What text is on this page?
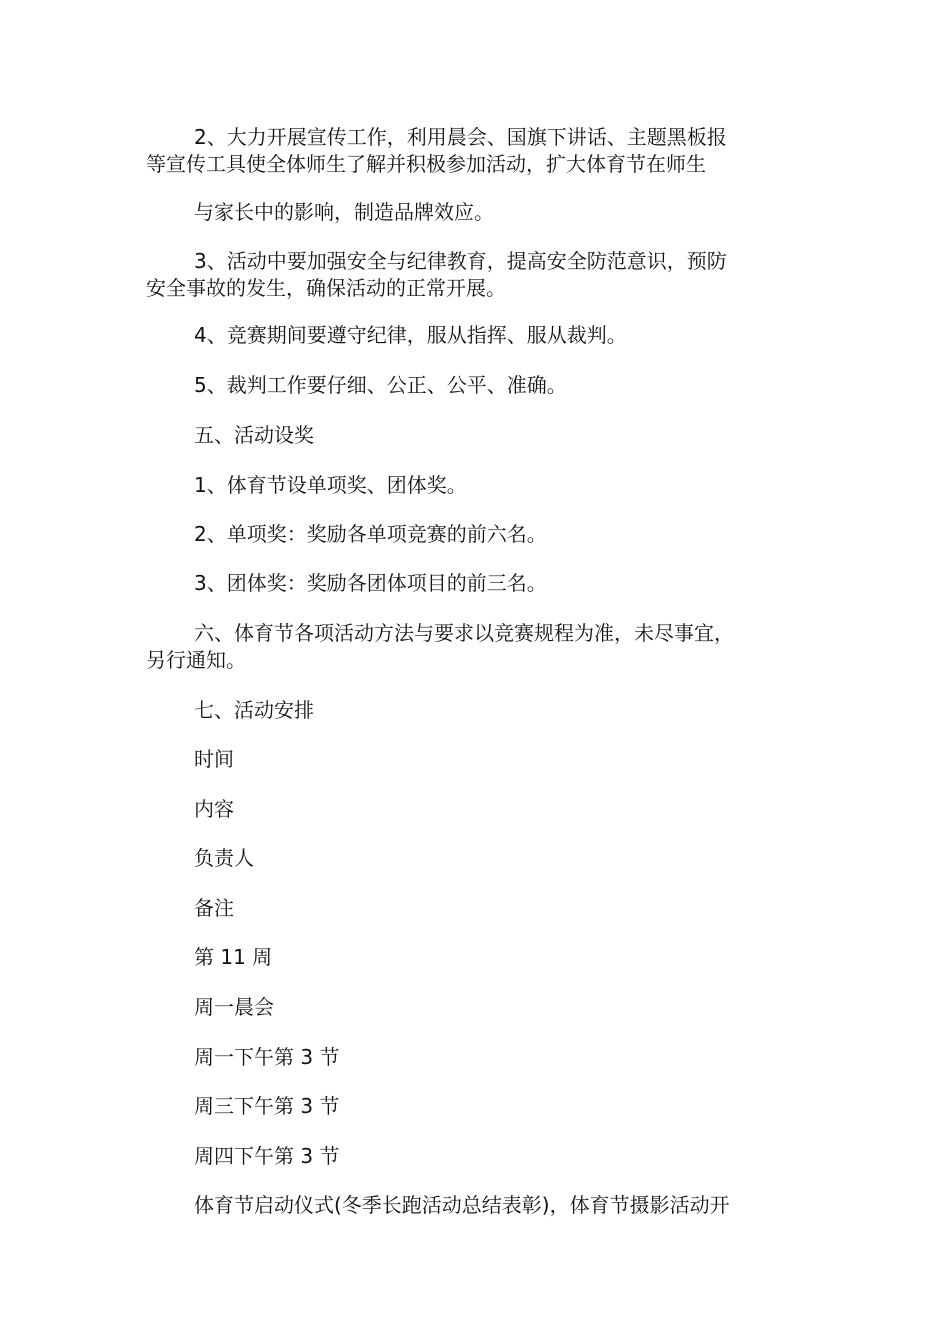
2、大力开展宣传工作，利用晨会、国旗下讲话、主题黑板报
等宣传工具使全体师生了解并积极参加活动，扩大体育节在师生

与家长中的影响，制造品牌效应。

3、活动中要加强安全与纪律教育，提高安全防范意识，预防
安全事故的发生，确保活动的正常开展。

4、竞赛期间要遵守纪律，服从指挥、服从裁判。

5、裁判工作要仔细、公正、公平、准确。

五、活动设奖

1、体育节设单项奖、团体奖。

2、单项奖：奖励各单项竞赛的前六名。

3、团体奖：奖励各团体项目的前三名。

六、体育节各项活动方法与要求以竞赛规程为准，未尽事宜，
另行通知。

七、活动安排

时间

内容

负责人

备注

第 11 周

周一晨会

周一下午第 3 节

周三下午第 3 节

周四下午第 3 节

体育节启动仪式(冬季长跑活动总结表彰)，体育节摄影活动开
